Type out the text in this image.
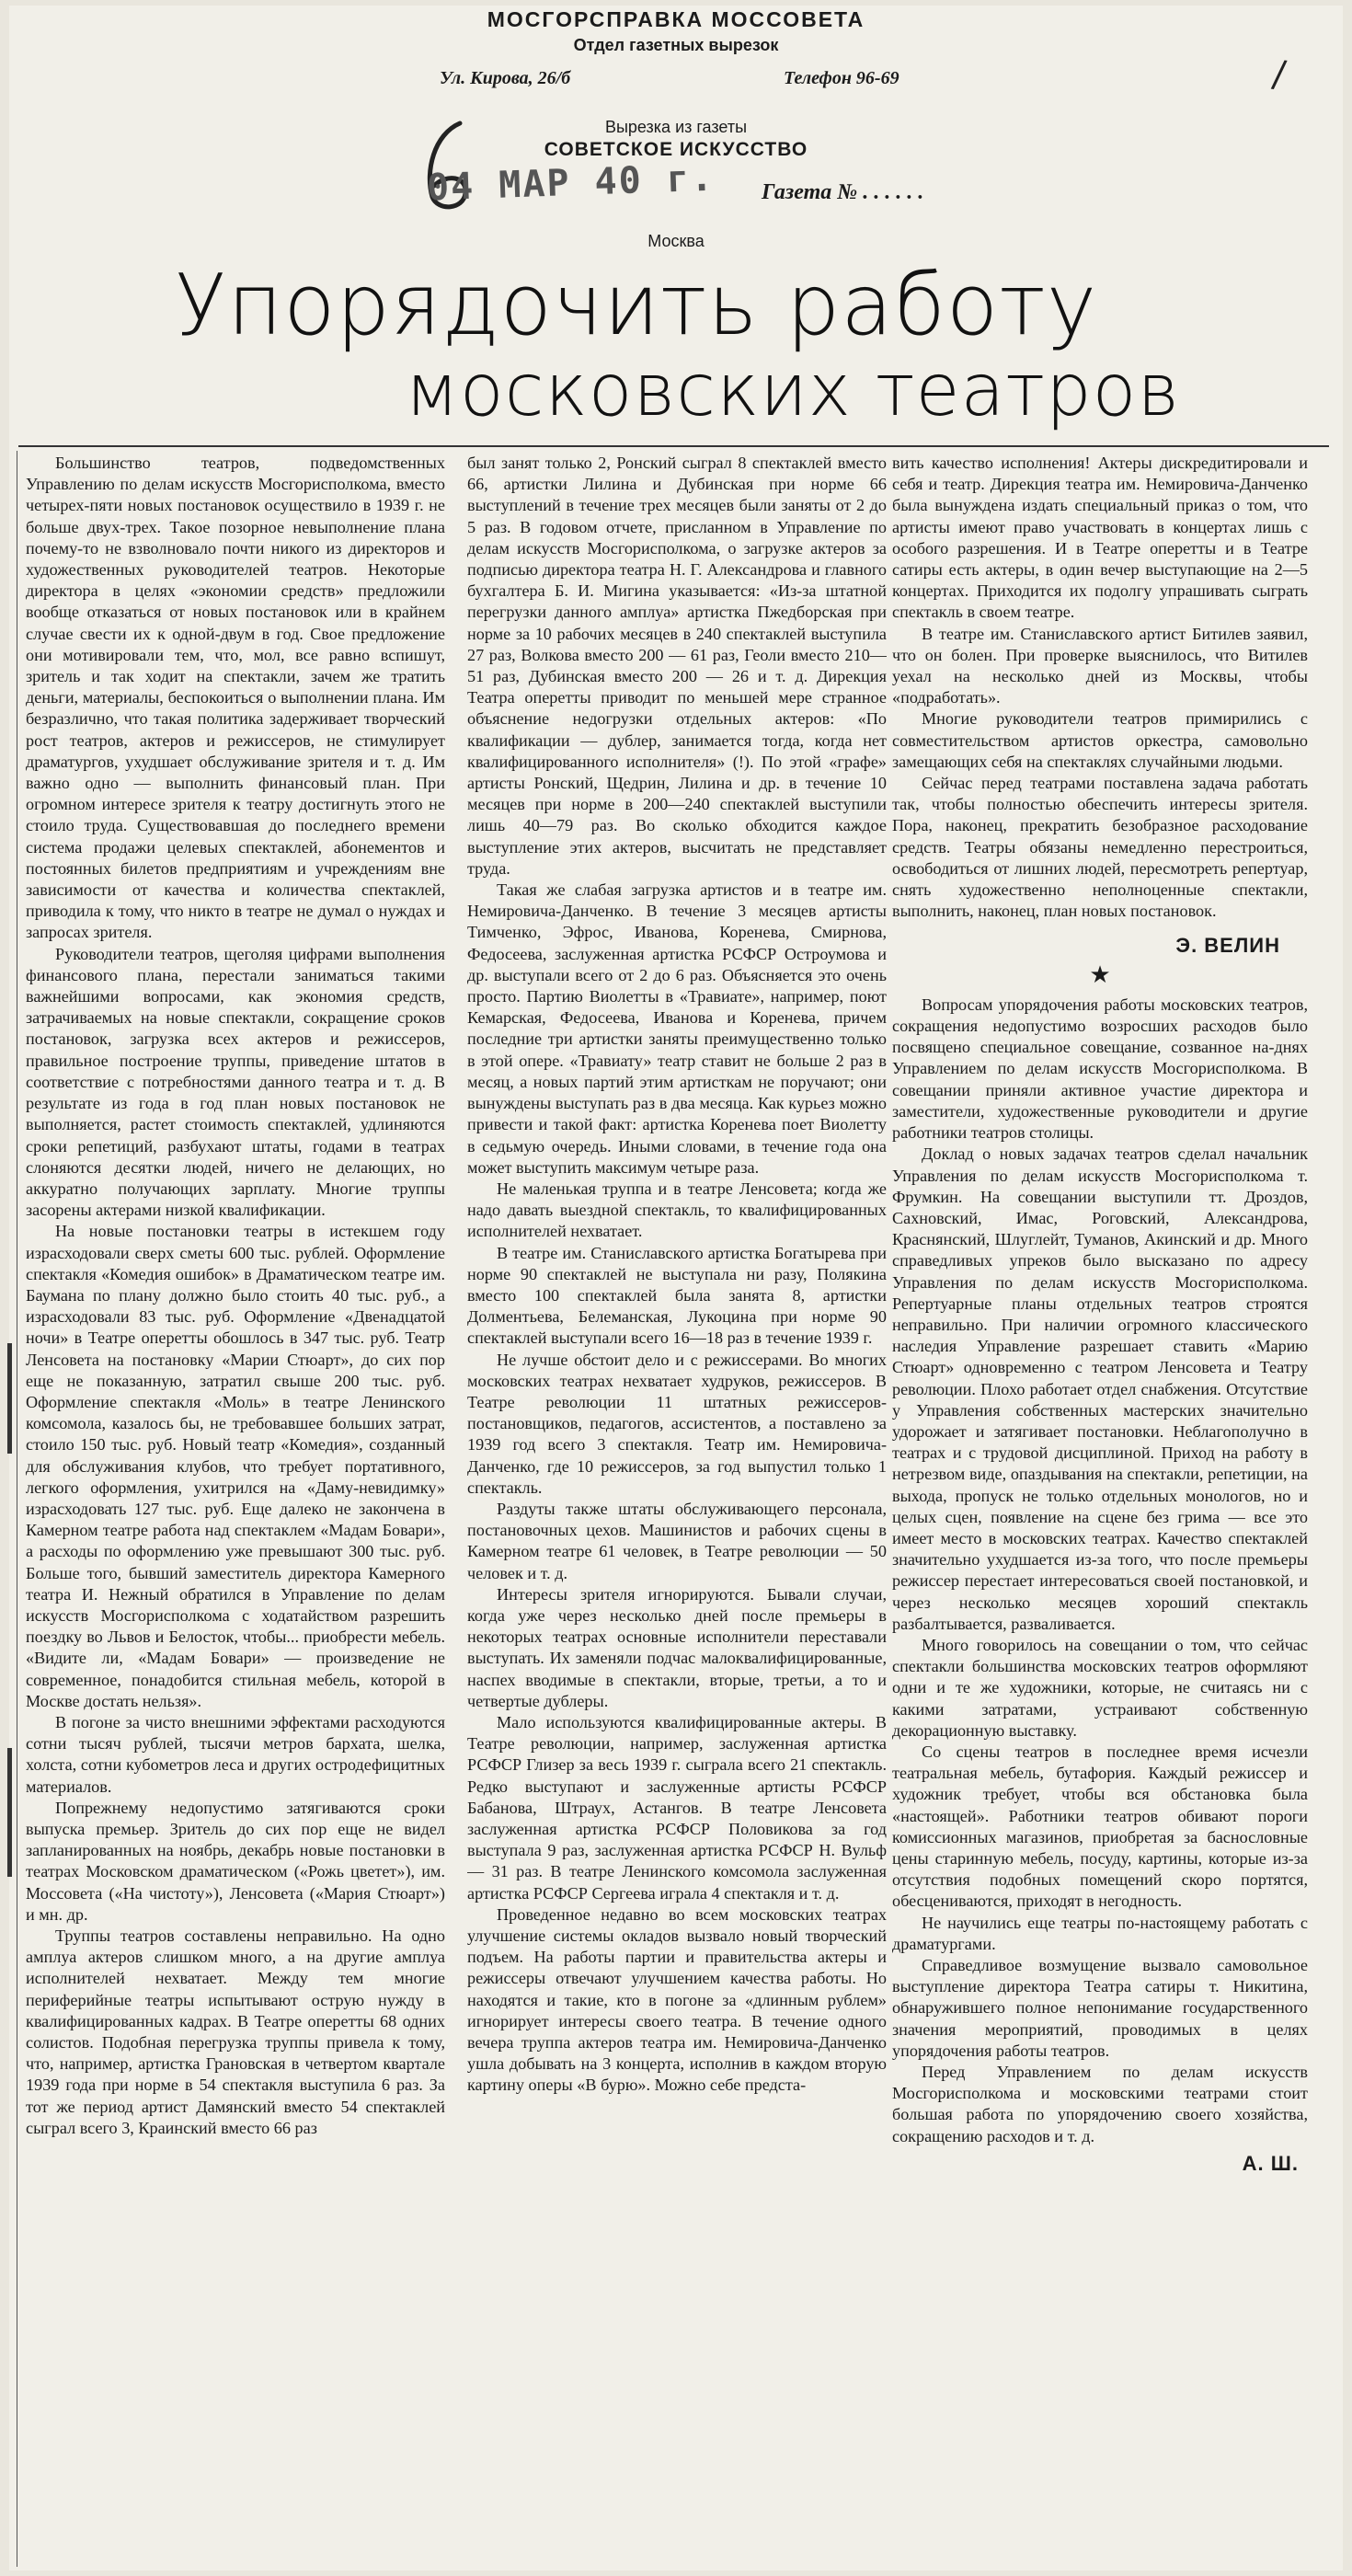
МОСГОРСПРАВКА МОССОВЕТА
Отдел газетных вырезок
Ул. Кирова, 26/б	Телефон 96-69	/
Вырезка из газеты
СОВЕТСКОЕ ИСКУССТВО
04 МАР 40 г. Газета № . . . . . .
Москва
Упорядочить работу
московских театров

Большинство театров, подведомственных Управлению по делам искусств Мосгорисполкома, вместо четырех-пяти новых постановок осуществило в 1939 г. не больше двух-трех. Такое позорное невыполнение плана почему-то не взволновало почти никого из директоров и художественных руководителей театров. Некоторые директора в целях «экономии средств» предложили вообще отказаться от новых постановок или в крайнем случае свести их к одной-двум в год. Свое предложение они мотивировали тем, что, мол, все равно вспишут, зритель и так ходит на спектакли, зачем же тратить деньги, материалы, беспокоиться о выполнении плана. Им безразлично, что такая политика задерживает творческий рост театров, актеров и режиссеров, не стимулирует драматургов, ухудшает обслуживание зрителя и т. д. Им важно одно — выполнить финансовый план. При огромном интересе зрителя к театру достигнуть этого не стоило труда. Существовавшая до последнего времени система продажи целевых спектаклей, абонементов и постоянных билетов предприятиям и учреждениям вне зависимости от качества и количества спектаклей, приводила к тому, что никто в театре не думал о нуждах и запросах зрителя.

Руководители театров, щеголяя цифрами выполнения финансового плана, перестали заниматься такими важнейшими вопросами, как экономия средств, затрачиваемых на новые спектакли, сокращение сроков постановок, загрузка всех актеров и режиссеров, правильное построение труппы, приведение штатов в соответствие с потребностями данного театра и т. д. В результате из года в год план новых постановок не выполняется, растет стоимость спектаклей, удлиняются сроки репетиций, разбухают штаты, годами в театрах слоняются десятки людей, ничего не делающих, но аккуратно получающих зарплату. Многие труппы засорены актерами низкой квалификации.

На новые постановки театры в истекшем году израсходовали сверх сметы 600 тыс. рублей. Оформление спектакля «Комедия ошибок» в Драматическом театре им. Баумана по плану должно было стоить 40 тыс. руб., а израсходовали 83 тыс. руб. Оформление «Двенадцатой ночи» в Театре оперетты обошлось в 347 тыс. руб. Театр Ленсовета на постановку «Марии Стюарт», до сих пор еще не показанную, затратил свыше 200 тыс. руб. Оформление спектакля «Моль» в театре Ленинского комсомола, казалось бы, не требовавшее больших затрат, стоило 150 тыс. руб. Новый театр «Комедия», созданный для обслуживания клубов, что требует портативного, легкого оформления, ухитрился на «Даму-невидимку» израсходовать 127 тыс. руб. Еще далеко не закончена в Камерном театре работа над спектаклем «Мадам Бовари», а расходы по оформлению уже превышают 300 тыс. руб. Больше того, бывший заместитель директора Камерного театра И. Нежный обратился в Управление по делам искусств Мосгорисполкома с ходатайством разрешить поездку во Львов и Белосток, чтобы... приобрести мебель. «Видите ли, «Мадам Бовари» — произведение не современное, понадобится стильная мебель, которой в Москве достать нельзя».

В погоне за чисто внешними эффектами расходуются сотни тысяч рублей, тысячи метров бархата, шелка, холста, сотни кубометров леса и других остродефицитных материалов.

Попрежнему недопустимо затягиваются сроки выпуска премьер. Зритель до сих пор еще не видел запланированных на ноябрь, декабрь новые постановки в театрах Московском драматическом («Рожь цветет»), им. Моссовета («На чистоту»), Ленсовета («Мария Стюарт») и мн. др.

Труппы театров составлены неправильно. На одно амплуа актеров слишком много, а на другие амплуа исполнителей нехватает. Между тем многие периферийные театры испытывают острую нужду в квалифицированных кадрах. В Театре оперетты 68 одних солистов. Подобная перегрузка труппы привела к тому, что, например, артистка Грановская в четвертом квартале 1939 года при норме в 54 спектакля выступила 6 раз. За тот же период артист Дамянский вместо 54 спектаклей сыграл всего 3, Краинский вместо 66 раз

был занят только 2, Ронский сыграл 8 спектаклей вместо 66, артистки Лилина и Дубинская при норме 66 выступлений в течение трех месяцев были заняты от 2 до 5 раз. В годовом отчете, присланном в Управление по делам искусств Мосгорисполкома, о загрузке актеров за подписью директора театра Н. Г. Александрова и главного бухгалтера Б. И. Мигина указывается: «Из-за штатной перегрузки данного амплуа» артистка Пжедборская при норме за 10 рабочих месяцев в 240 спектаклей выступила 27 раз, Волкова вместо 200 — 61 раз, Геоли вместо 210—51 раз, Дубинская вместо 200 — 26 и т. д. Дирекция Театра оперетты приводит по меньшей мере странное объяснение недогрузки отдельных актеров: «По квалификации — дублер, занимается тогда, когда нет квалифицированного исполнителя» (!). По этой «графе» артисты Ронский, Щедрин, Лилина и др. в течение 10 месяцев при норме в 200—240 спектаклей выступили лишь 40—79 раз. Во сколько обходится каждое выступление этих актеров, высчитать не представляет труда.

Такая же слабая загрузка артистов и в театре им. Немировича-Данченко. В течение 3 месяцев артисты Тимченко, Эфрос, Иванова, Коренева, Смирнова, Федосеева, заслуженная артистка РСФСР Остроумова и др. выступали всего от 2 до 6 раз. Объясняется это очень просто. Партию Виолетты в «Травиате», например, поют Кемарская, Федосеева, Иванова и Коренева, причем последние три артистки заняты преимущественно только в этой опере. «Травиату» театр ставит не больше 2 раз в месяц, а новых партий этим артисткам не поручают; они вынуждены выступать раз в два месяца. Как курьез можно привести и такой факт: артистка Коренева поет Виолетту в седьмую очередь. Иными словами, в течение года она может выступить максимум четыре раза.

Не маленькая труппа и в театре Ленсовета; когда же надо давать выездной спектакль, то квалифицированных исполнителей нехватает.

В театре им. Станиславского артистка Богатырева при норме 90 спектаклей не выступала ни разу, Полякина вместо 100 спектаклей была занята 8, артистки Долментьева, Белеманская, Лукоцина при норме 90 спектаклей выступали всего 16—18 раз в течение 1939 г.

Не лучше обстоит дело и с режиссерами. Во многих московских театрах нехватает худруков, режиссеров. В Театре революции 11 штатных режиссеров-постановщиков, педагогов, ассистентов, а поставлено за 1939 год всего 3 спектакля. Театр им. Немировича-Данченко, где 10 режиссеров, за год выпустил только 1 спектакль.

Раздуты также штаты обслуживающего персонала, постановочных цехов. Машинистов и рабочих сцены в Камерном театре 61 человек, в Театре революции — 50 человек и т. д.

Интересы зрителя игнорируются. Бывали случаи, когда уже через несколько дней после премьеры в некоторых театрах основные исполнители переставали выступать. Их заменяли подчас малоквалифицированные, наспех вводимые в спектакли, вторые, третьи, а то и четвертые дублеры.

Мало используются квалифицированные актеры. В Театре революции, например, заслуженная артистка РСФСР Глизер за весь 1939 г. сыграла всего 21 спектакль. Редко выступают и заслуженные артисты РСФСР Бабанова, Штраух, Астангов. В театре Ленсовета заслуженная артистка РСФСР Половикова за год выступала 9 раз, заслуженная артистка РСФСР Н. Вульф — 31 раз. В театре Ленинского комсомола заслуженная артистка РСФСР Сергеева играла 4 спектакля и т. д.

Проведенное недавно во всем московских театрах улучшение системы окладов вызвало новый творческий подъем. На работы партии и правительства актеры и режиссеры отвечают улучшением качества работы. Но находятся и такие, кто в погоне за «длинным рублем» игнорирует интересы своего театра. В течение одного вечера труппа актеров театра им. Немировича-Данченко ушла добывать на 3 концерта, исполнив в каждом вторую картину оперы «В бурю». Можно себе предста-

вить качество исполнения! Актеры дискредитировали и себя и театр. Дирекция театра им. Немировича-Данченко была вынуждена издать специальный приказ о том, что артисты имеют право участвовать в концертах лишь с особого разрешения. И в Театре оперетты и в Театре сатиры есть актеры, в один вечер выступающие на 2—5 концертах. Приходится их подолгу упрашивать сыграть спектакль в своем театре.

В театре им. Станиславского артист Битилев заявил, что он болен. При проверке выяснилось, что Витилев уехал на несколько дней из Москвы, чтобы «подработать».

Многие руководители театров примирились с совместительством артистов оркестра, самовольно замещающих себя на спектаклях случайными людьми.

Сейчас перед театрами поставлена задача работать так, чтобы полностью обеспечить интересы зрителя. Пора, наконец, прекратить безобразное расходование средств. Театры обязаны немедленно перестроиться, освободиться от лишних людей, пересмотреть репертуар, снять художественно неполноценные спектакли, выполнить, наконец, план новых постановок.

Э. ВЕЛИН
★

Вопросам упорядочения работы московских театров, сокращения недопустимо возросших расходов было посвящено специальное совещание, созванное на-днях Управлением по делам искусств Мосгорисполкома. В совещании приняли активное участие директора и заместители, художественные руководители и другие работники театров столицы.

Доклад о новых задачах театров сделал начальник Управления по делам искусств Мосгорисполкома т. Фрумкин. На совещании выступили тт. Дроздов, Сахновский, Имас, Роговский, Александрова, Краснянский, Шлуглейт, Туманов, Акинский и др. Много справедливых упреков было высказано по адресу Управления по делам искусств Мосгорисполкома. Репертуарные планы отдельных театров строятся неправильно. При наличии огромного классического наследия Управление разрешает ставить «Марию Стюарт» одновременно с театром Ленсовета и Театру революции. Плохо работает отдел снабжения. Отсутствие у Управления собственных мастерских значительно удорожает и затягивает постановки. Неблагополучно в театрах и с трудовой дисциплиной. Приход на работу в нетрезвом виде, опаздывания на спектакли, репетиции, на выхода, пропуск не только отдельных монологов, но и целых сцен, появление на сцене без грима — все это имеет место в московских театрах. Качество спектаклей значительно ухудшается из-за того, что после премьеры режиссер перестает интересоваться своей постановкой, и через несколько месяцев хороший спектакль разбалтывается, разваливается.

Много говорилось на совещании о том, что сейчас спектакли большинства московских театров оформляют одни и те же художники, которые, не считаясь ни с какими затратами, устраивают собственную декорационную выставку.

Со сцены театров в последнее время исчезли театральная мебель, бутафория. Каждый режиссер и художник требует, чтобы вся обстановка была «настоящей». Работники театров обивают пороги комиссионных магазинов, приобретая за баснословные цены старинную мебель, посуду, картины, которые из-за отсутствия подобных помещений скоро портятся, обесцениваются, приходят в негодность.

Не научились еще театры по-настоящему работать с драматургами.

Справедливое возмущение вызвало самовольное выступление директора Театра сатиры т. Никитина, обнаружившего полное непонимание государственного значения мероприятий, проводимых в целях упорядочения работы театров.

Перед Управлением по делам искусств Мосгорисполкома и московскими театрами стоит большая работа по упорядочению своего хозяйства, сокращению расходов и т. д.

А. Ш.
